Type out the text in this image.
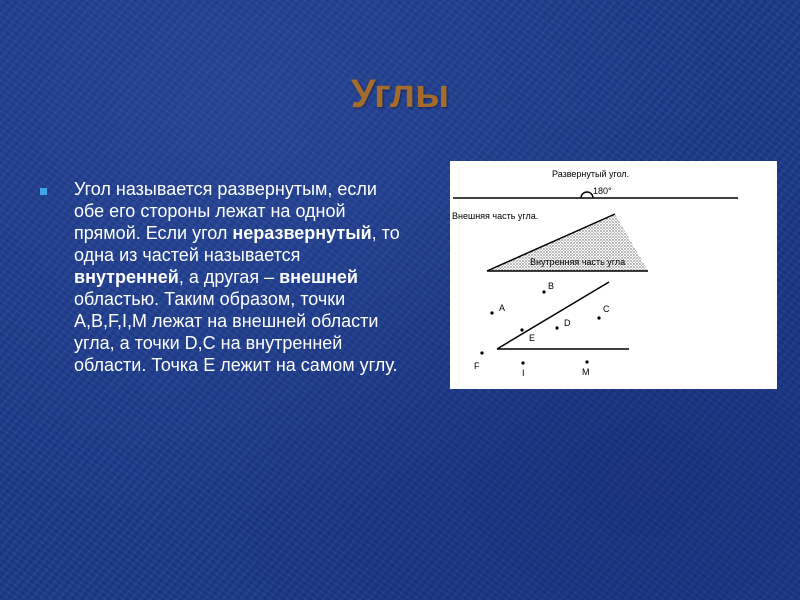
Углы
Угол называется развернутым, если обе его стороны лежат на одной прямой. Если угол неразвернутый, то одна из частей называется внутренней, а другая – внешней областью. Таким образом, точки A,B,F,I,M лежат на внешней области угла, а точки D,C на внутренней области. Точка E лежит на самом углу.
Развернутый угол.
180°
Внешняя часть угла.
Внутренняя часть угла
A
B
C
D
E
F
I	M
